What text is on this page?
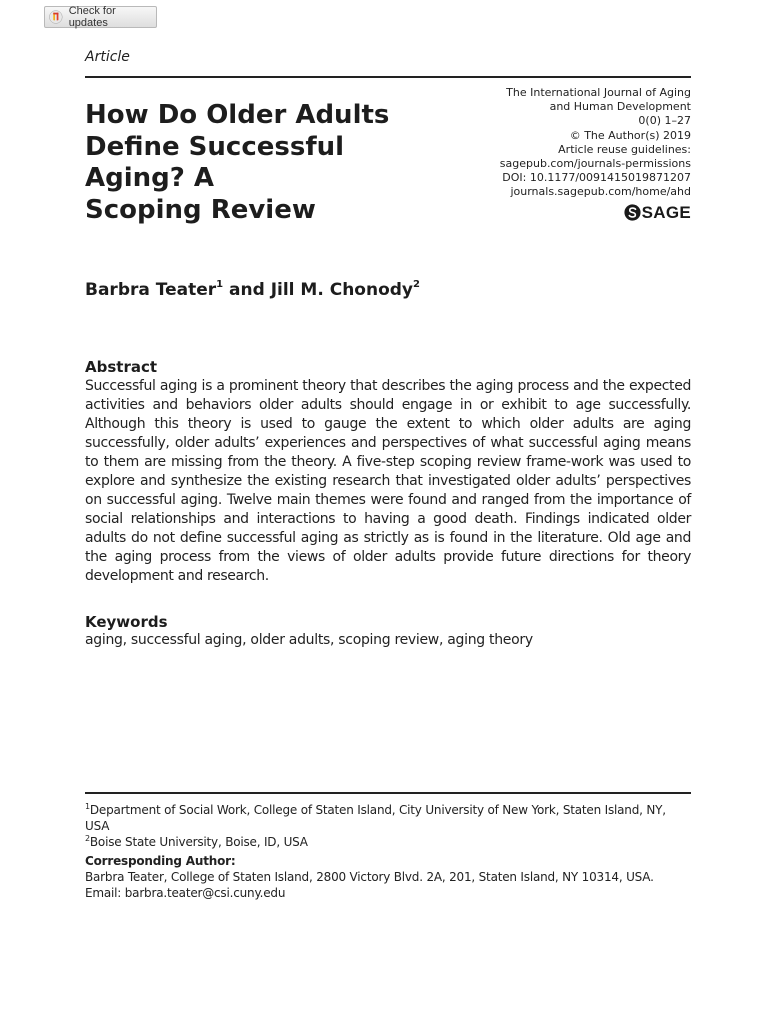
Check for updates
Article
How Do Older Adults
Define Successful
Aging? A
Scoping Review
The International Journal of Aging
and Human Development
0(0) 1–27
© The Author(s) 2019
Article reuse guidelines:
sagepub.com/journals-permissions
DOI: 10.1177/0091415019871207
journals.sagepub.com/home/ahd
SAGE
Barbra Teater$^1$ and Jill M. Chonody$^2$
Abstract

Successful aging is a prominent theory that describes the aging process and the expected activities and behaviors older adults should engage in or exhibit to age successfully. Although this theory is used to gauge the extent to which older adults are aging successfully, older adults’ experiences and perspectives of what successful aging means to them are missing from the theory. A five-step scoping review frame-work was used to explore and synthesize the existing research that investigated older adults’ perspectives on successful aging. Twelve main themes were found and ranged from the importance of social relationships and interactions to having a good death. Findings indicated older adults do not define successful aging as strictly as is found in the literature. Old age and the aging process from the views of older adults provide future directions for theory development and research.

Keywords
aging, successful aging, older adults, scoping review, aging theory

$^1$Department of Social Work, College of Staten Island, City University of New York, Staten Island, NY, USA

$^2$Boise State University, Boise, ID, USA

Corresponding Author:

Barbra Teater, College of Staten Island, 2800 Victory Blvd. 2A, 201, Staten Island, NY 10314, USA.

Email: barbra.teater@csi.cuny.edu
